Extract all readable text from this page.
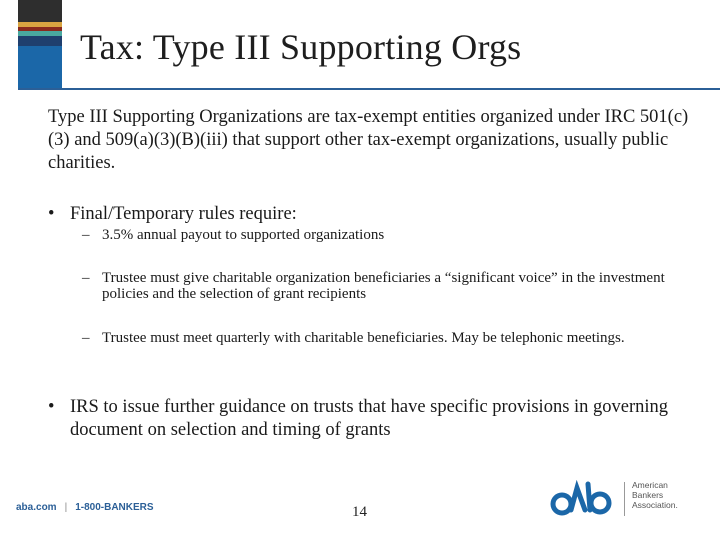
Tax: Type III Supporting Orgs
Type III Supporting Organizations are tax-exempt entities organized under IRC 501(c)(3) and 509(a)(3)(B)(iii) that support other tax-exempt organizations, usually public charities.
• Final/Temporary rules require:
– 3.5% annual payout to supported organizations
– Trustee must give charitable organization beneficiaries a “significant voice” in the investment policies and the selection of grant recipients
– Trustee must meet quarterly with charitable beneficiaries. May be telephonic meetings.
• IRS to issue further guidance on trusts that have specific provisions in governing document on selection and timing of grants
aba.com | 1-800-BANKERS	14
American
Bankers
Association.
